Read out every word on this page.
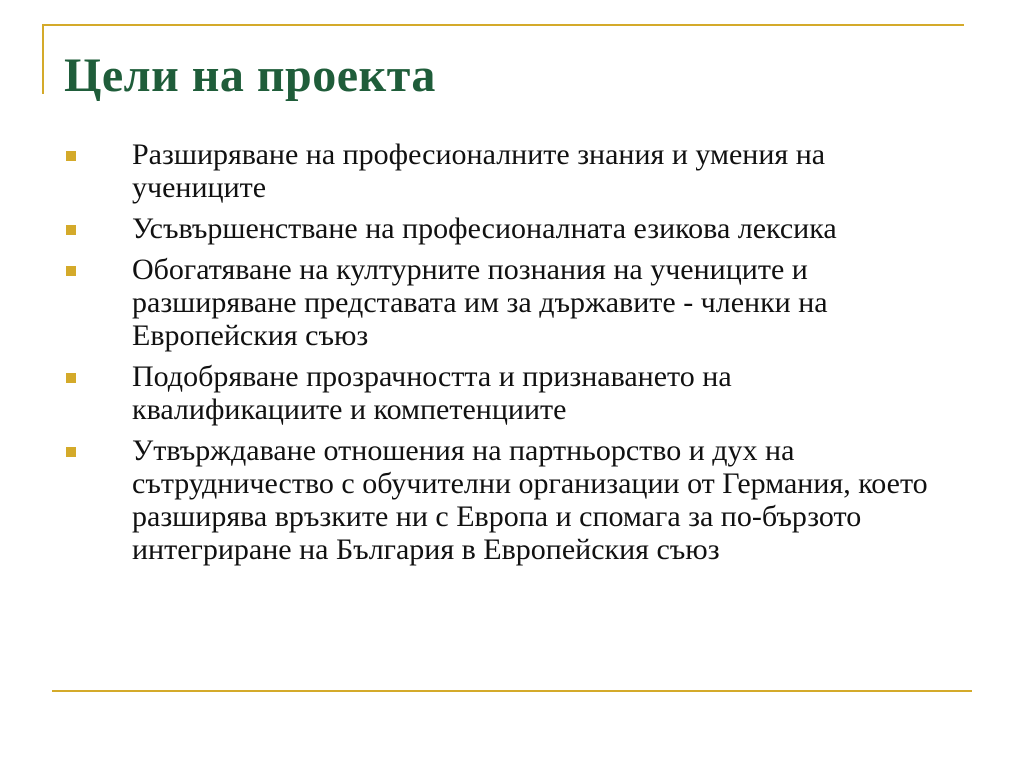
Цели на проекта
Разширяване на професионалните знания и умения на учениците
Усъвършенстване на професионалната езикова лексика
Обогатяване на културните познания на учениците и разширяване представата им за държавите - членки на Европейския съюз
Подобряване прозрачността и признаването на квалификациите и компетенциите
Утвърждаване отношения на партньорство и дух на сътрудничество с обучителни организации от Германия, което разширява връзките ни с Европа и спомага за по-бързото интегриране на България в Европейския съюз
